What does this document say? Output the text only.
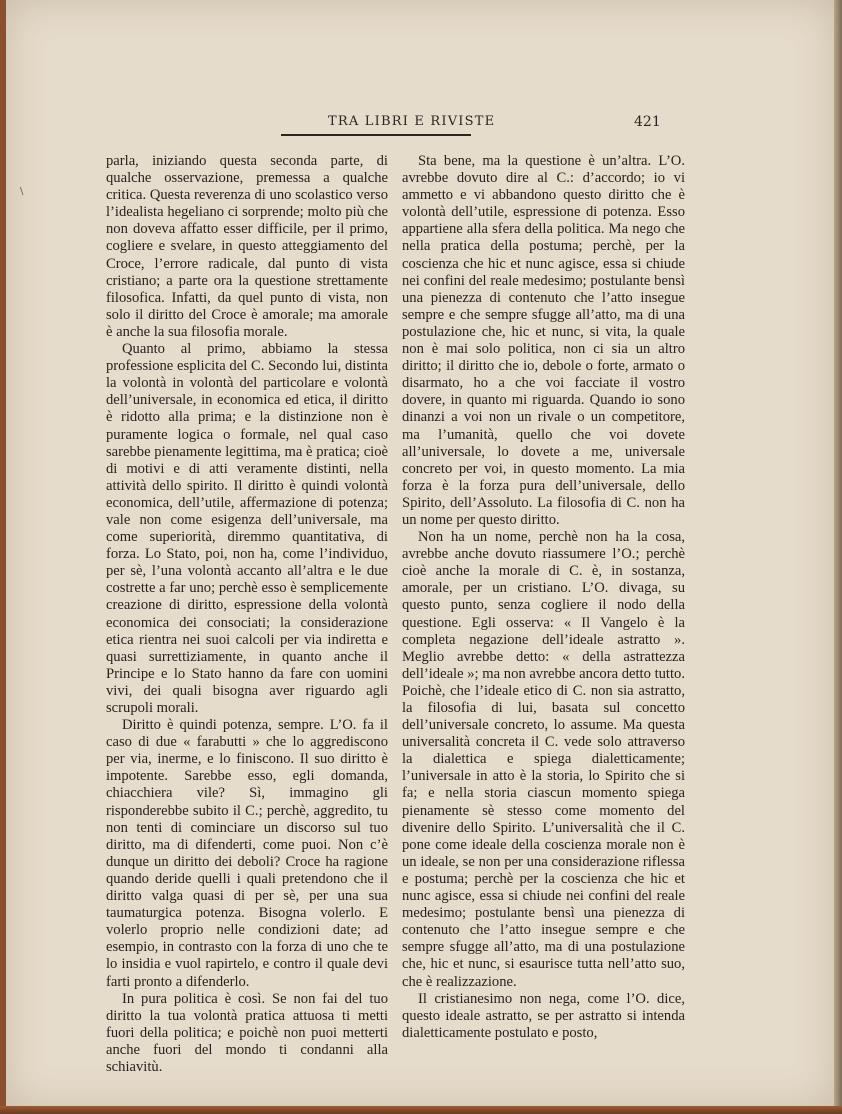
TRA LIBRI E RIVISTE	421

parla, iniziando questa seconda parte, di qualche osservazione, premessa a qualche critica. Questa reverenza di uno scolastico verso l’idealista hegeliano ci sorprende; molto più che non doveva affatto esser difficile, per il primo, cogliere e svelare, in questo atteggiamento del Croce, l’errore radicale, dal punto di vista cristiano; a parte ora la questione strettamente filosofica. Infatti, da quel punto di vista, non solo il diritto del Croce è amorale; ma amorale è anche la sua filosofia morale.

Quanto al primo, abbiamo la stessa professione esplicita del C. Secondo lui, distinta la volontà in volontà del particolare e volontà dell’universale, in economica ed etica, il diritto è ridotto alla prima; e la distinzione non è puramente logica o formale, nel qual caso sarebbe pienamente legittima, ma è pratica; cioè di motivi e di atti veramente distinti, nella attività dello spirito. Il diritto è quindi volontà economica, dell’utile, affermazione di potenza; vale non come esigenza dell’universale, ma come superiorità, diremmo quantitativa, di forza. Lo Stato, poi, non ha, come l’individuo, per sè, l’una volontà accanto all’altra e le due costrette a far uno; perchè esso è semplicemente creazione di diritto, espressione della volontà economica dei consociati; la considerazione etica rientra nei suoi calcoli per via indiretta e quasi surrettiziamente, in quanto anche il Principe e lo Stato hanno da fare con uomini vivi, dei quali bisogna aver riguardo agli scrupoli morali.

Diritto è quindi potenza, sempre. L’O. fa il caso di due « farabutti » che lo aggrediscono per via, inerme, e lo finiscono. Il suo diritto è impotente. Sarebbe esso, egli domanda, chiacchiera vile? Sì, immagino gli risponderebbe subito il C.; perchè, aggredito, tu non tenti di cominciare un discorso sul tuo diritto, ma di difenderti, come puoi. Non c’è dunque un diritto dei deboli? Croce ha ragione quando deride quelli i quali pretendono che il diritto valga quasi di per sè, per una sua taumaturgica potenza. Bisogna volerlo. E volerlo proprio nelle condizioni date; ad esempio, in contrasto con la forza di uno che te lo insidia e vuol rapirtelo, e contro il quale devi farti pronto a difenderlo.

In pura politica è così. Se non fai del tuo diritto la tua volontà pratica attuosa ti metti fuori della politica; e poichè non puoi metterti anche fuori del mondo ti condanni alla schiavitù.

Sta bene, ma la questione è un’altra. L’O. avrebbe dovuto dire al C.: d’accordo; io vi ammetto e vi abbandono questo diritto che è volontà dell’utile, espressione di potenza. Esso appartiene alla sfera della politica. Ma nego che nella pratica della postuma; perchè, per la coscienza che hic et nunc agisce, essa si chiude nei confini del reale medesimo; postulante bensì una pienezza di contenuto che l’atto insegue sempre e che sempre sfugge all’atto, ma di una postulazione che, hic et nunc, si vita, la quale non è mai solo politica, non ci sia un altro diritto; il diritto che io, debole o forte, armato o disarmato, ho a che voi facciate il vostro dovere, in quanto mi riguarda. Quando io sono dinanzi a voi non un rivale o un competitore, ma l’umanità, quello che voi dovete all’universale, lo dovete a me, universale concreto per voi, in questo momento. La mia forza è la forza pura dell’universale, dello Spirito, dell’Assoluto. La filosofia di C. non ha un nome per questo diritto.

Non ha un nome, perchè non ha la cosa, avrebbe anche dovuto riassumere l’O.; perchè cioè anche la morale di C. è, in sostanza, amorale, per un cristiano. L’O. divaga, su questo punto, senza cogliere il nodo della questione. Egli osserva: « Il Vangelo è la completa negazione dell’ideale astratto ». Meglio avrebbe detto: « della astrattezza dell’ideale »; ma non avrebbe ancora detto tutto. Poichè, che l’ideale etico di C. non sia astratto, la filosofia di lui, basata sul concetto dell’universale concreto, lo assume. Ma questa universalità concreta il C. vede solo attraverso la dialettica e spiega dialetticamente; l’universale in atto è la storia, lo Spirito che si fa; e nella storia ciascun momento spiega pienamente sè stesso come momento del divenire dello Spirito. L’universalità che il C. pone come ideale della coscienza morale non è un ideale, se non per una considerazione riflessa e postuma; perchè per la coscienza che hic et nunc agisce, essa si chiude nei confini del reale medesimo; postulante bensì una pienezza di contenuto che l’atto insegue sempre e che sempre sfugge all’atto, ma di una postulazione che, hic et nunc, si esaurisce tutta nell’atto suo, che è realizzazione.

Il cristianesimo non nega, come l’O. dice, questo ideale astratto, se per astratto si intenda dialetticamente postulato e posto,

\
